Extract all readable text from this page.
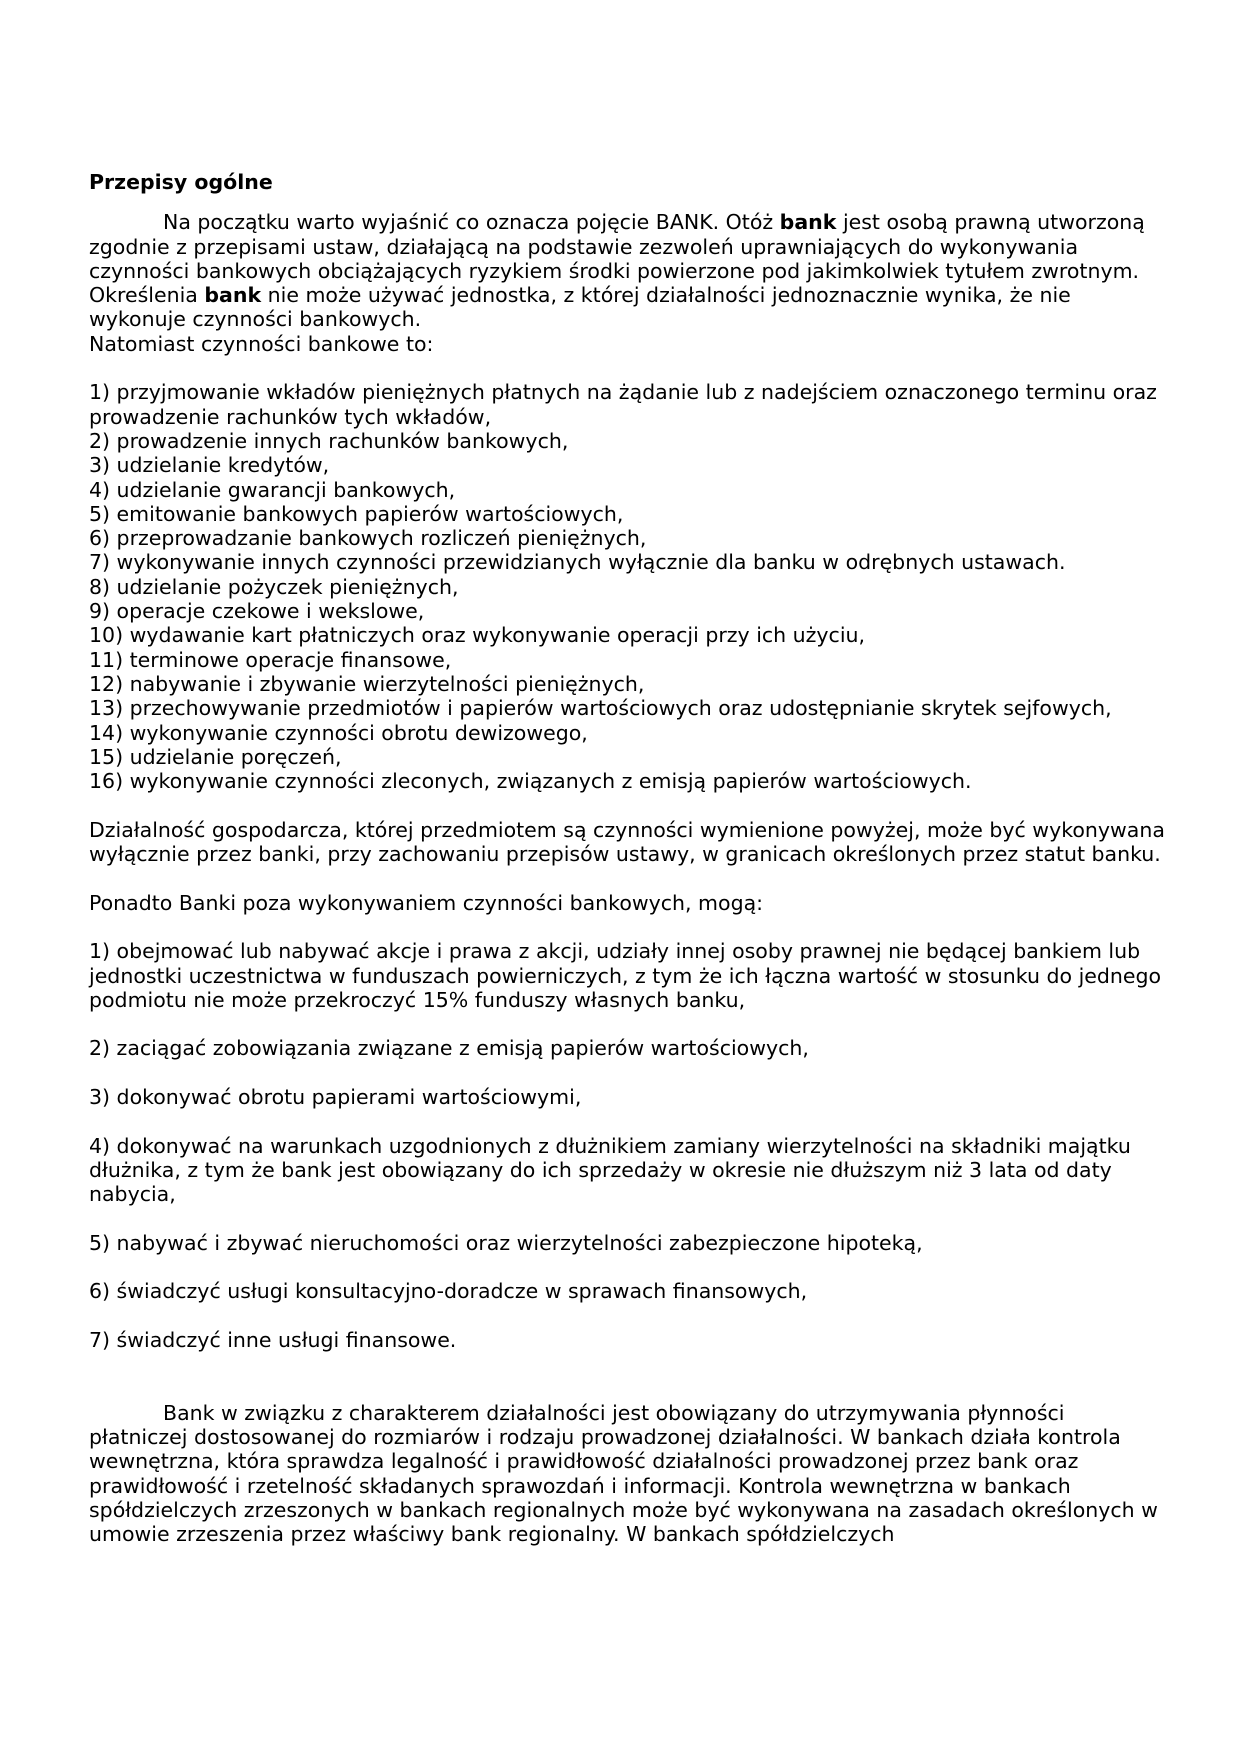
Przepisy ogólne

Na początku warto wyjaśnić co oznacza pojęcie BANK. Otóż bank jest osobą prawną utworzoną zgodnie z przepisami ustaw, działającą na podstawie zezwoleń uprawniających do wykonywania czynności bankowych obciążających ryzykiem środki powierzone pod jakimkolwiek tytułem zwrotnym. Określenia bank nie może używać jednostka, z której działalności jednoznacznie wynika, że nie wykonuje czynności bankowych.

Natomiast czynności bankowe to:

1) przyjmowanie wkładów pieniężnych płatnych na żądanie lub z nadejściem oznaczonego terminu oraz prowadzenie rachunków tych wkładów,
2) prowadzenie innych rachunków bankowych,
3) udzielanie kredytów,
4) udzielanie gwarancji bankowych,
5) emitowanie bankowych papierów wartościowych,
6) przeprowadzanie bankowych rozliczeń pieniężnych,
7) wykonywanie innych czynności przewidzianych wyłącznie dla banku w odrębnych ustawach.
8) udzielanie pożyczek pieniężnych,
9) operacje czekowe i wekslowe,
10) wydawanie kart płatniczych oraz wykonywanie operacji przy ich użyciu,
11) terminowe operacje finansowe,
12) nabywanie i zbywanie wierzytelności pieniężnych,
13) przechowywanie przedmiotów i papierów wartościowych oraz udostępnianie skrytek sejfowych,
14) wykonywanie czynności obrotu dewizowego,
15) udzielanie poręczeń,
16) wykonywanie czynności zleconych, związanych z emisją papierów wartościowych.

Działalność gospodarcza, której przedmiotem są czynności wymienione powyżej, może być wykonywana wyłącznie przez banki, przy zachowaniu przepisów ustawy, w granicach określonych przez statut banku.

Ponadto Banki poza wykonywaniem czynności bankowych, mogą:

1) obejmować lub nabywać akcje i prawa z akcji, udziały innej osoby prawnej nie będącej bankiem lub jednostki uczestnictwa w funduszach powierniczych, z tym że ich łączna wartość w stosunku do jednego podmiotu nie może przekroczyć 15% funduszy własnych banku,

2) zaciągać zobowiązania związane z emisją papierów wartościowych,

3) dokonywać obrotu papierami wartościowymi,

4) dokonywać na warunkach uzgodnionych z dłużnikiem zamiany wierzytelności na składniki majątku dłużnika, z tym że bank jest obowiązany do ich sprzedaży w okresie nie dłuższym niż 3 lata od daty nabycia,

5) nabywać i zbywać nieruchomości oraz wierzytelności zabezpieczone hipoteką,

6) świadczyć usługi konsultacyjno-doradcze w sprawach finansowych,

7) świadczyć inne usługi finansowe.

Bank w związku z charakterem działalności jest obowiązany do utrzymywania płynności płatniczej dostosowanej do rozmiarów i rodzaju prowadzonej działalności. W bankach działa kontrola wewnętrzna, która sprawdza legalność i prawidłowość działalności prowadzonej przez bank oraz prawidłowość i rzetelność składanych sprawozdań i informacji. Kontrola wewnętrzna w bankach spółdzielczych zrzeszonych w bankach regionalnych może być wykonywana na zasadach określonych w umowie zrzeszenia przez właściwy bank regionalny. W bankach spółdzielczych
